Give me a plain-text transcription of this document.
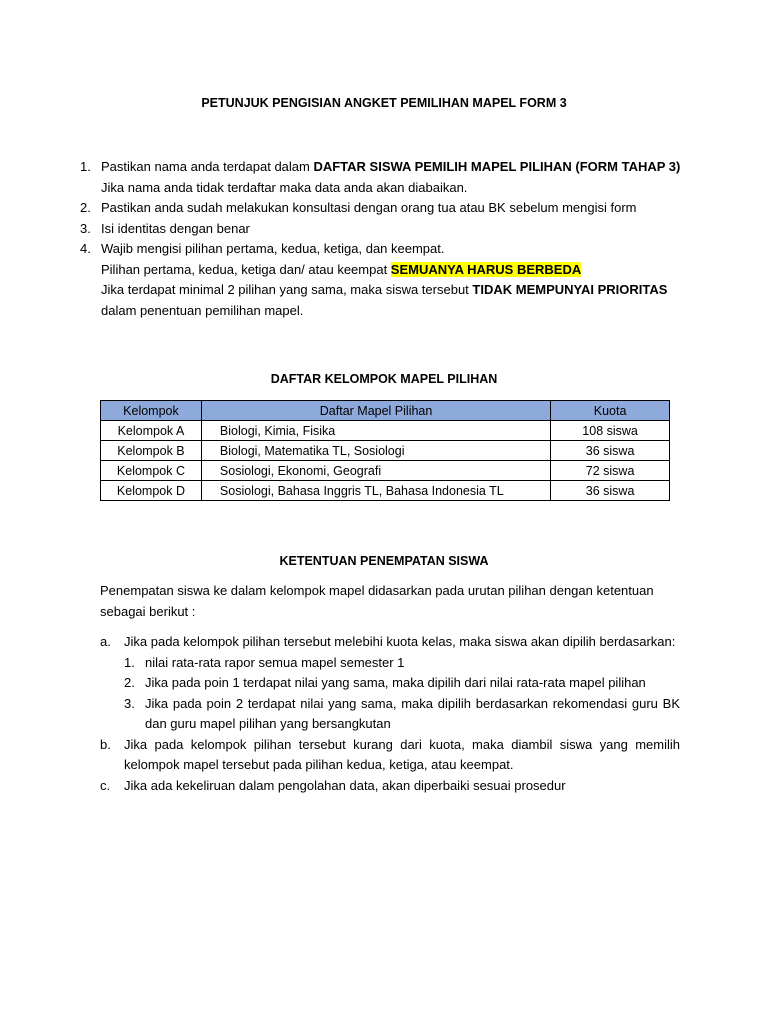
PETUNJUK PENGISIAN ANGKET PEMILIHAN MAPEL FORM 3
1. Pastikan nama anda terdapat dalam DAFTAR SISWA PEMILIH MAPEL PILIHAN (FORM TAHAP 3)
Jika nama anda tidak terdaftar maka data anda akan diabaikan.
2. Pastikan anda sudah melakukan konsultasi dengan orang tua atau BK sebelum mengisi form
3. Isi identitas dengan benar
4. Wajib mengisi pilihan pertama, kedua, ketiga, dan keempat.
Pilihan pertama, kedua, ketiga dan/ atau keempat SEMUANYA HARUS BERBEDA
Jika terdapat minimal 2 pilihan yang sama, maka siswa tersebut TIDAK MEMPUNYAI PRIORITAS
dalam penentuan pemilihan mapel.
DAFTAR KELOMPOK MAPEL PILIHAN
Kelompok	Daftar Mapel Pilihan	Kuota
Kelompok A	Biologi, Kimia, Fisika	108 siswa
Kelompok B	Biologi, Matematika TL, Sosiologi	36 siswa
Kelompok C	Sosiologi, Ekonomi, Geografi	72 siswa
Kelompok D	Sosiologi, Bahasa Inggris TL, Bahasa Indonesia TL	36 siswa
KETENTUAN PENEMPATAN SISWA
Penempatan siswa ke dalam kelompok mapel didasarkan pada urutan pilihan dengan ketentuan sebagai berikut :
a.	Jika pada kelompok pilihan tersebut melebihi kuota kelas, maka siswa akan dipilih berdasarkan:
1. nilai rata-rata rapor semua mapel semester 1
2. Jika pada poin 1 terdapat nilai yang sama, maka dipilih dari nilai rata-rata mapel pilihan
3. Jika pada poin 2 terdapat nilai yang sama, maka dipilih berdasarkan rekomendasi guru BK dan guru mapel pilihan yang bersangkutan
b.	Jika pada kelompok pilihan tersebut kurang dari kuota, maka diambil siswa yang memilih kelompok mapel tersebut pada pilihan kedua, ketiga, atau keempat.
c.	Jika ada kekeliruan dalam pengolahan data, akan diperbaiki sesuai prosedur
